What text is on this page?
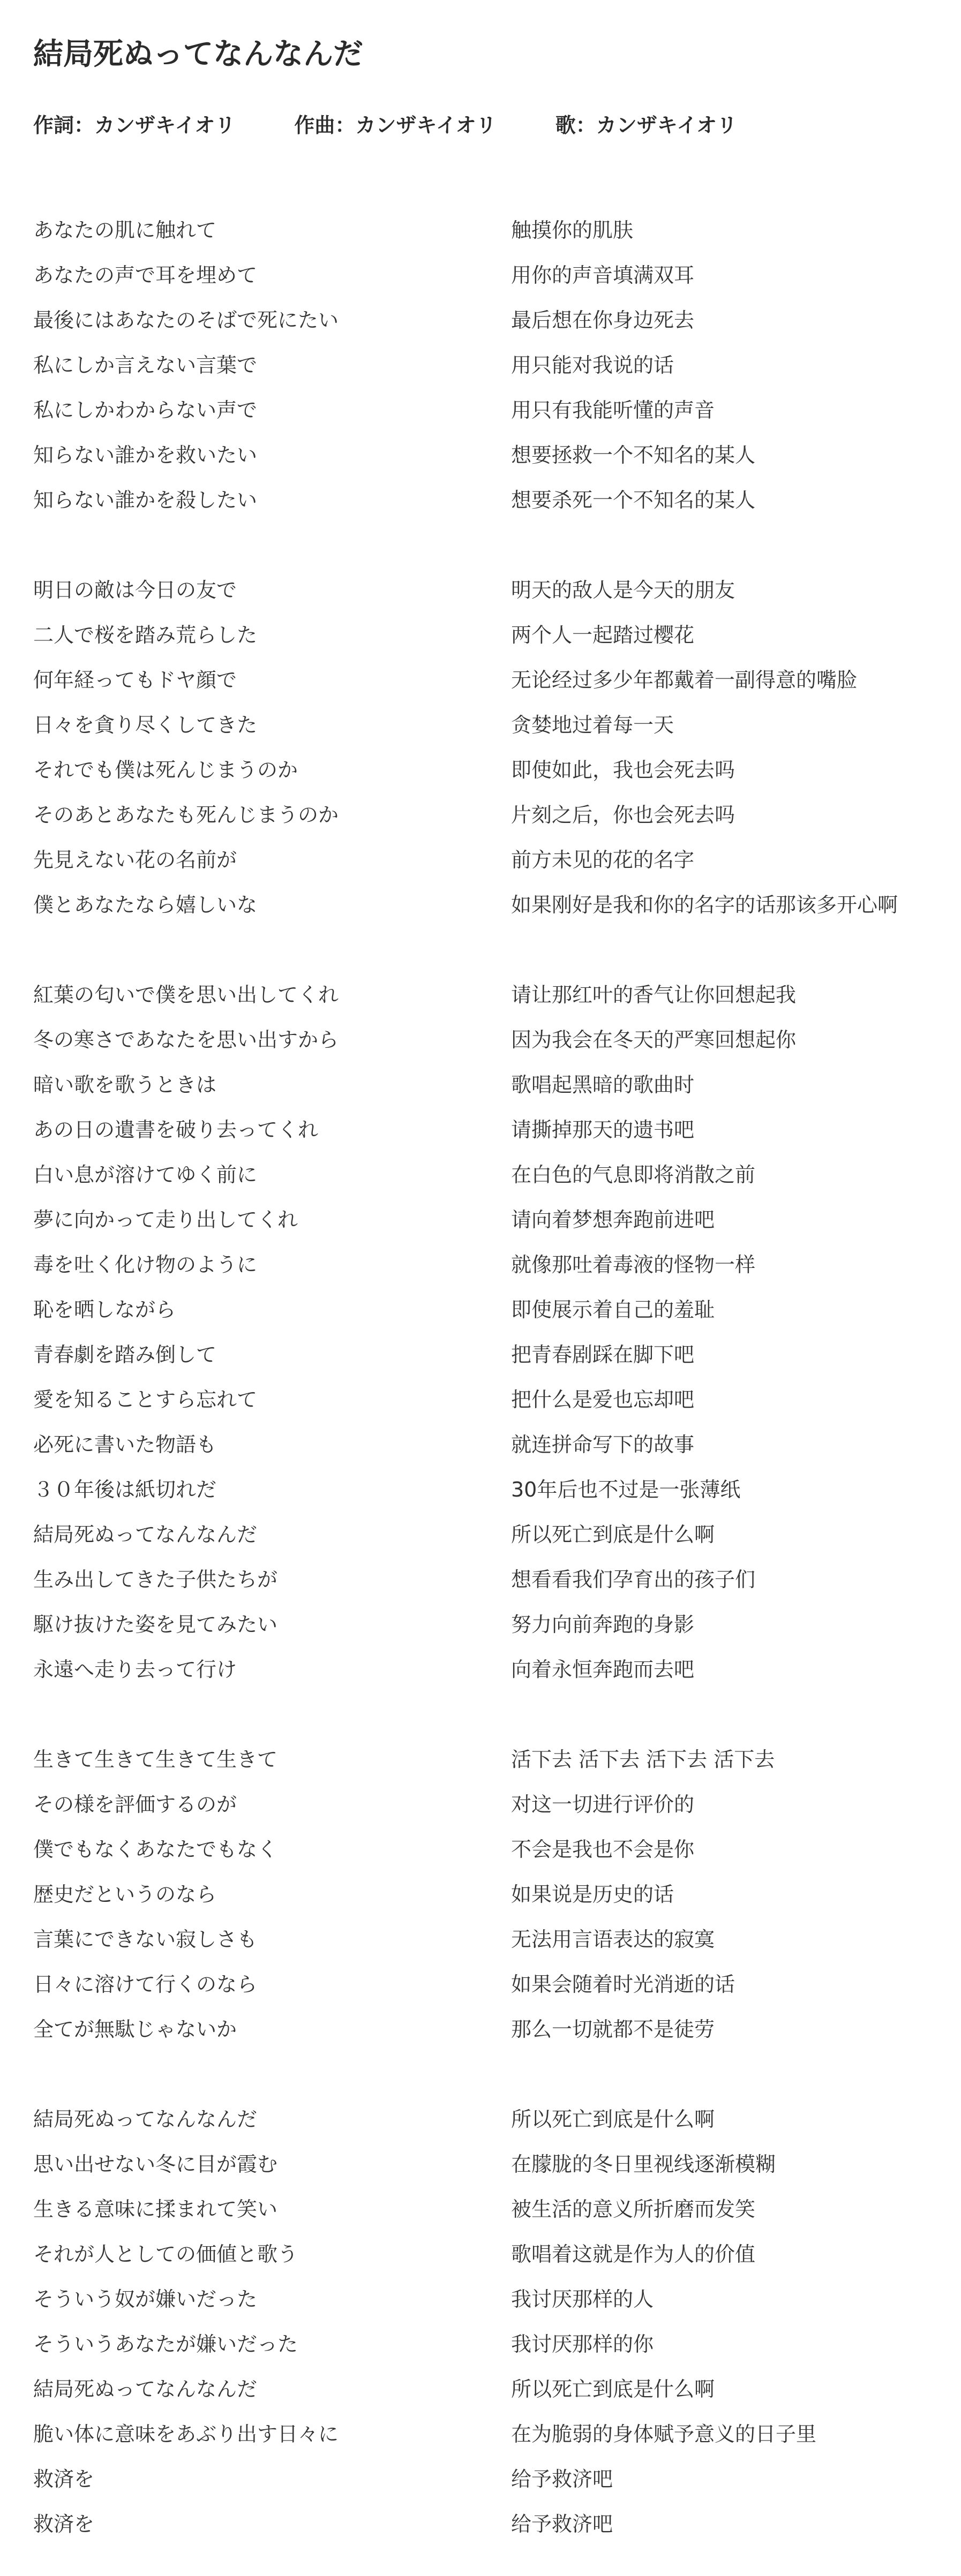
結局死ぬってなんなんだ
作詞： カンザキイオリ	作曲： カンザキイオリ	歌： カンザキイオリ
あなたの肌に触れて	触摸你的肌肤
あなたの声で耳を埋めて	用你的声音填满双耳
最後にはあなたのそばで死にたい	最后想在你身边死去
私にしか言えない言葉で	用只能对我说的话
私にしかわからない声で	用只有我能听懂的声音
知らない誰かを救いたい	想要拯救一个不知名的某人
知らない誰かを殺したい	想要杀死一个不知名的某人
明日の敵は今日の友で	明天的敌人是今天的朋友
二人で桜を踏み荒らした	两个人一起踏过樱花
何年経ってもドヤ顔で	无论经过多少年都戴着一副得意的嘴脸
日々を貪り尽くしてきた	贪婪地过着每一天
それでも僕は死んじまうのか	即使如此，我也会死去吗
そのあとあなたも死んじまうのか	片刻之后，你也会死去吗
先見えない花の名前が	前方未见的花的名字
僕とあなたなら嬉しいな	如果刚好是我和你的名字的话那该多开心啊
紅葉の匂いで僕を思い出してくれ	请让那红叶的香气让你回想起我
冬の寒さであなたを思い出すから	因为我会在冬天的严寒回想起你
暗い歌を歌うときは	歌唱起黑暗的歌曲时
あの日の遺書を破り去ってくれ	请撕掉那天的遗书吧
白い息が溶けてゆく前に	在白色的气息即将消散之前
夢に向かって走り出してくれ	请向着梦想奔跑前进吧
毒を吐く化け物のように	就像那吐着毒液的怪物一样
恥を晒しながら	即使展示着自己的羞耻
青春劇を踏み倒して	把青春剧踩在脚下吧
愛を知ることすら忘れて	把什么是爱也忘却吧
必死に書いた物語も	就连拼命写下的故事
３０年後は紙切れだ	30年后也不过是一张薄纸
結局死ぬってなんなんだ	所以死亡到底是什么啊
生み出してきた子供たちが	想看看我们孕育出的孩子们
駆け抜けた姿を見てみたい	努力向前奔跑的身影
永遠へ走り去って行け	向着永恒奔跑而去吧
生きて生きて生きて生きて	活下去 活下去 活下去 活下去
その様を評価するのが	对这一切进行评价的
僕でもなくあなたでもなく	不会是我也不会是你
歴史だというのなら	如果说是历史的话
言葉にできない寂しさも	无法用言语表达的寂寞
日々に溶けて行くのなら	如果会随着时光消逝的话
全てが無駄じゃないか	那么一切就都不是徒劳
結局死ぬってなんなんだ	所以死亡到底是什么啊
思い出せない冬に目が霞む	在朦胧的冬日里视线逐渐模糊
生きる意味に揉まれて笑い	被生活的意义所折磨而发笑
それが人としての価値と歌う	歌唱着这就是作为人的价值
そういう奴が嫌いだった	我讨厌那样的人
そういうあなたが嫌いだった	我讨厌那样的你
結局死ぬってなんなんだ	所以死亡到底是什么啊
脆い体に意味をあぶり出す日々に	在为脆弱的身体赋予意义的日子里
救済を	给予救济吧
救済を	给予救济吧
